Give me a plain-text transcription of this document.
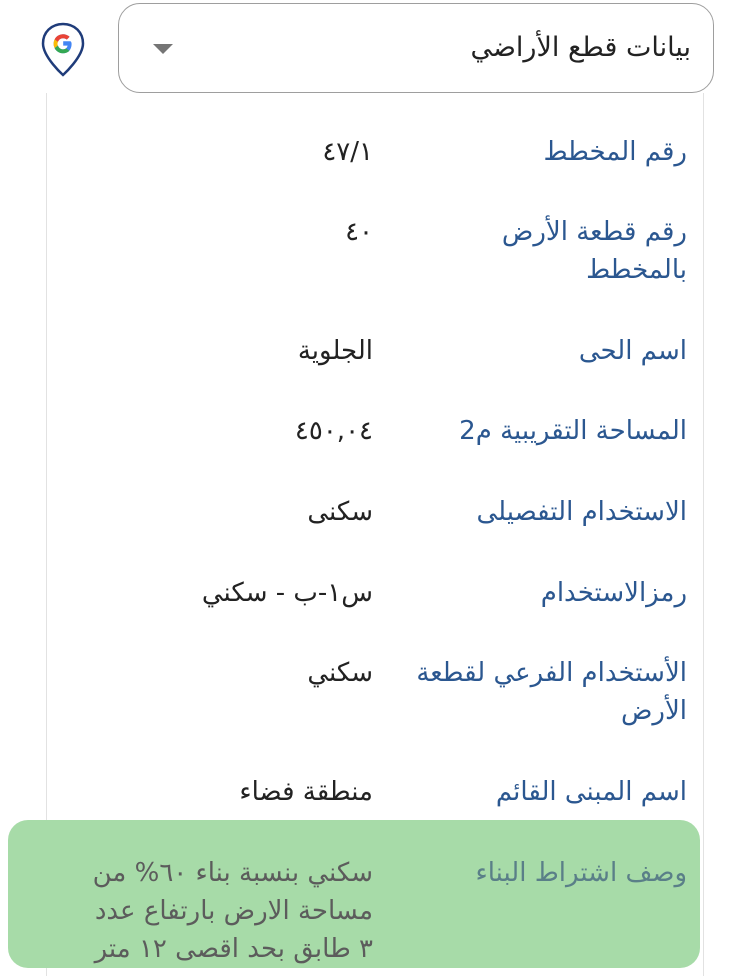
بيانات قطع الأراضي
رقم المخطط
٤٧/١
رقم قطعة الأرض بالمخطط
٤٠
اسم الحى
الجلوية
المساحة التقريبية م2
٤٥٠,٠٤
الاستخدام التفصيلى
سكنى
رمزالاستخدام
س١-ب - سكني
الأستخدام الفرعي لقطعة الأرض
سكني
اسم المبنى القائم
منطقة فضاء
وصف اشتراط البناء
سكني بنسبة بناء ٦٠% من مساحة الارض بارتفاع عدد ٣ طابق بحد اقصى ١٢ متر
